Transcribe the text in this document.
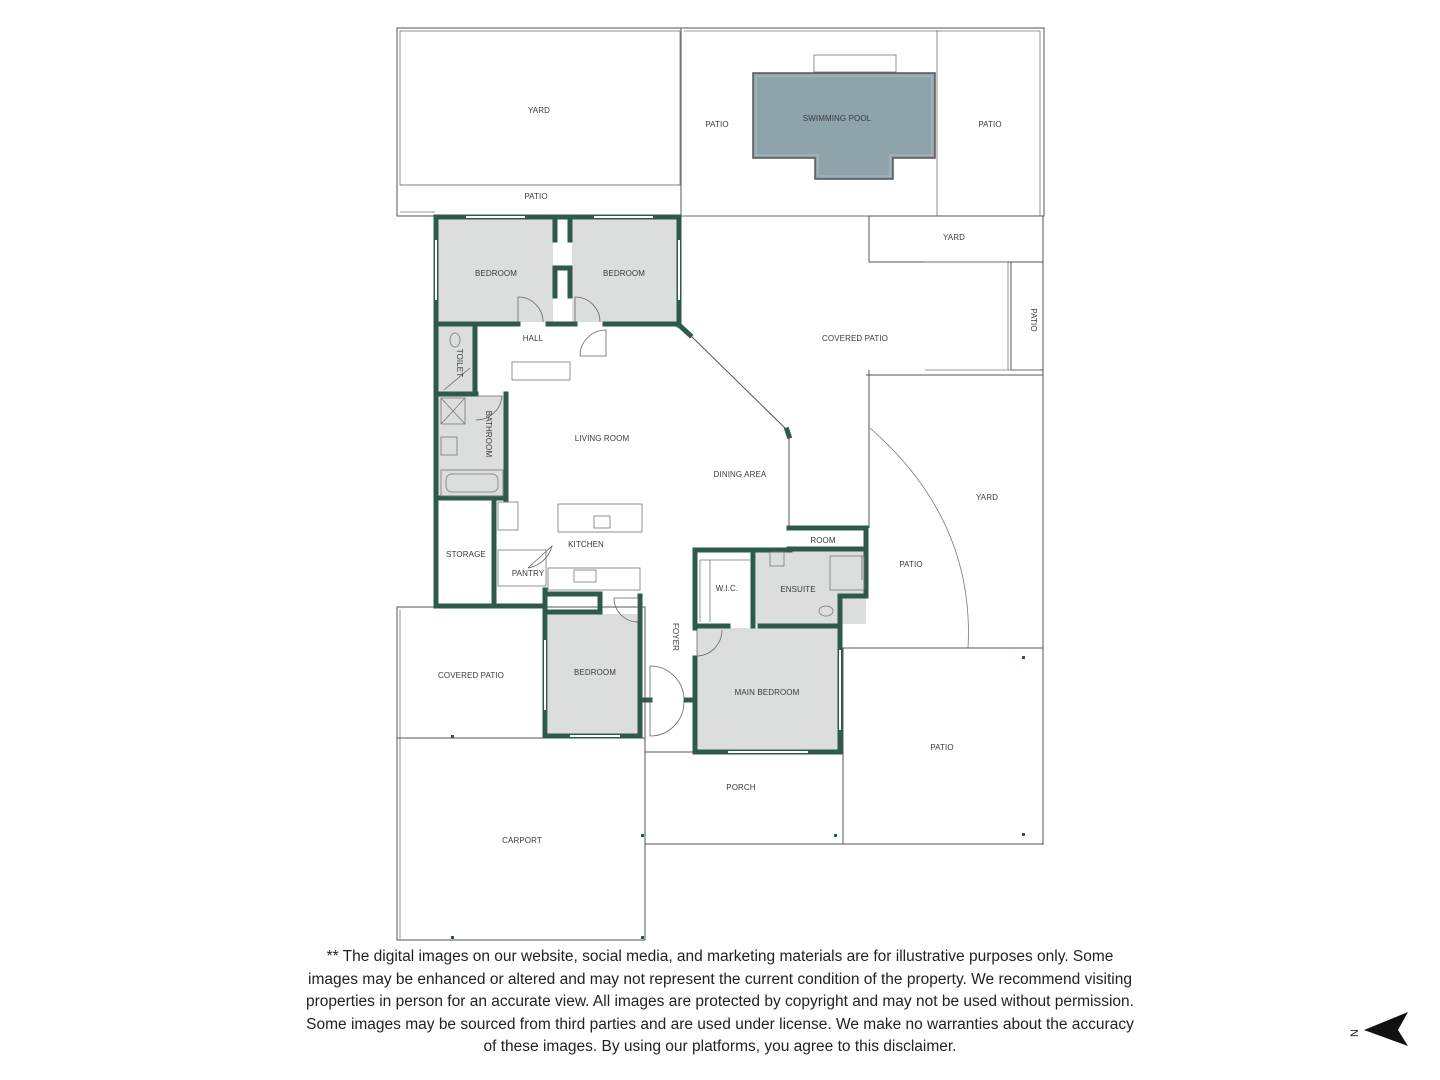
YARD
PATIO
PATIO
SWIMMING POOL
PATIO
YARD
PATIO
COVERED PATIO
YARD
PATIO
BEDROOM	BEDROOM
HALL
TOILET
BATHROOM	LIVING ROOM
DINING AREA
KITCHEN
STORAGE
PANTRY
ROOM
W.I.C.	ENSUITE
FOYER
BEDROOM
MAIN BEDROOM
COVERED PATIO
PORCH
PATIO
CARPORT
** The digital images on our website, social media, and marketing materials are for illustrative purposes only. Some images may be enhanced or altered and may not represent the current condition of the property. We recommend visiting properties in person for an accurate view. All images are protected by copyright and may not be used without permission. Some images may be sourced from third parties and are used under license. We make no warranties about the accuracy of these images. By using our platforms, you agree to this disclaimer.
N
